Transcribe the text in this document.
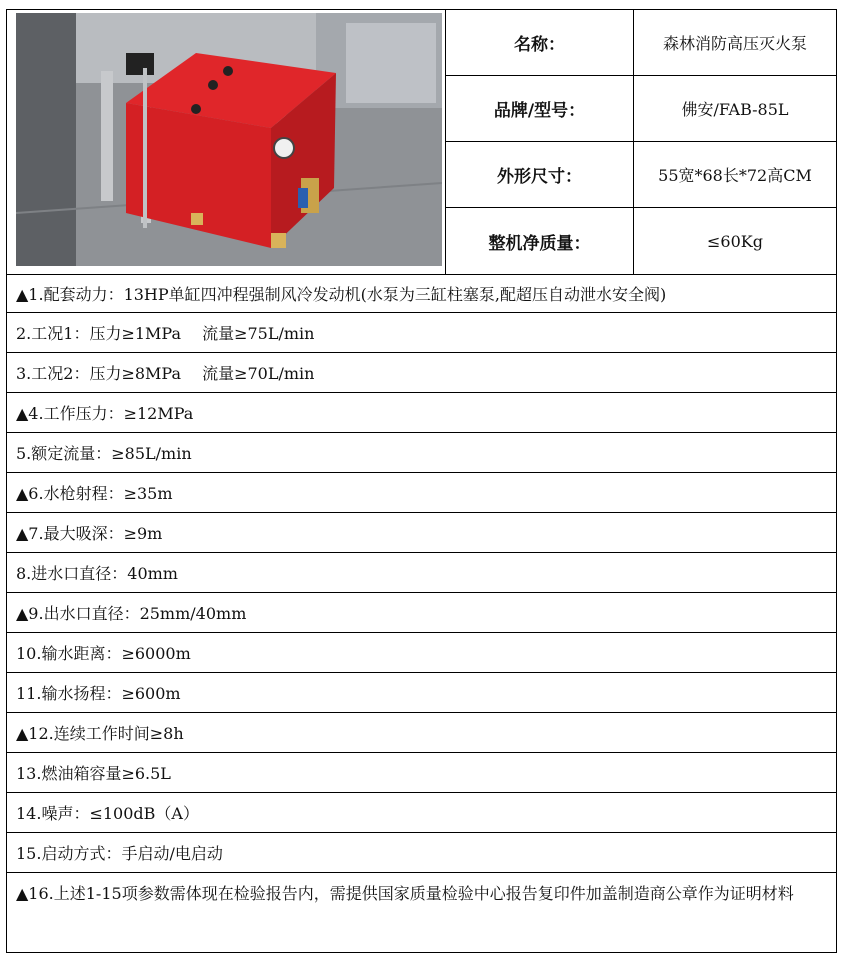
名称：	森林消防高压灭火泵
品牌/型号：	佛安/FAB-85L
外形尺寸：	55宽*68长*72高CM
整机净质量：	≤60Kg
▲1.配套动力：13HP单缸四冲程强制风冷发动机(水泵为三缸柱塞泵,配超压自动泄水安全阀)
2.工况1：压力≥1MPa　 流量≥75L/min
3.工况2：压力≥8MPa　 流量≥70L/min
▲4.工作压力：≥12MPa
5.额定流量：≥85L/min
▲6.水枪射程：≥35m
▲7.最大吸深：≥9m
8.进水口直径：40mm
▲9.出水口直径：25mm/40mm
10.输水距离：≥6000m
11.输水扬程：≥600m
▲12.连续工作时间≥8h
13.燃油箱容量≥6.5L
14.噪声：≤100dB（A）
15.启动方式：手启动/电启动
▲16.上述1-15项参数需体现在检验报告内，需提供国家质量检验中心报告复印件加盖制造商公章作为证明材料
